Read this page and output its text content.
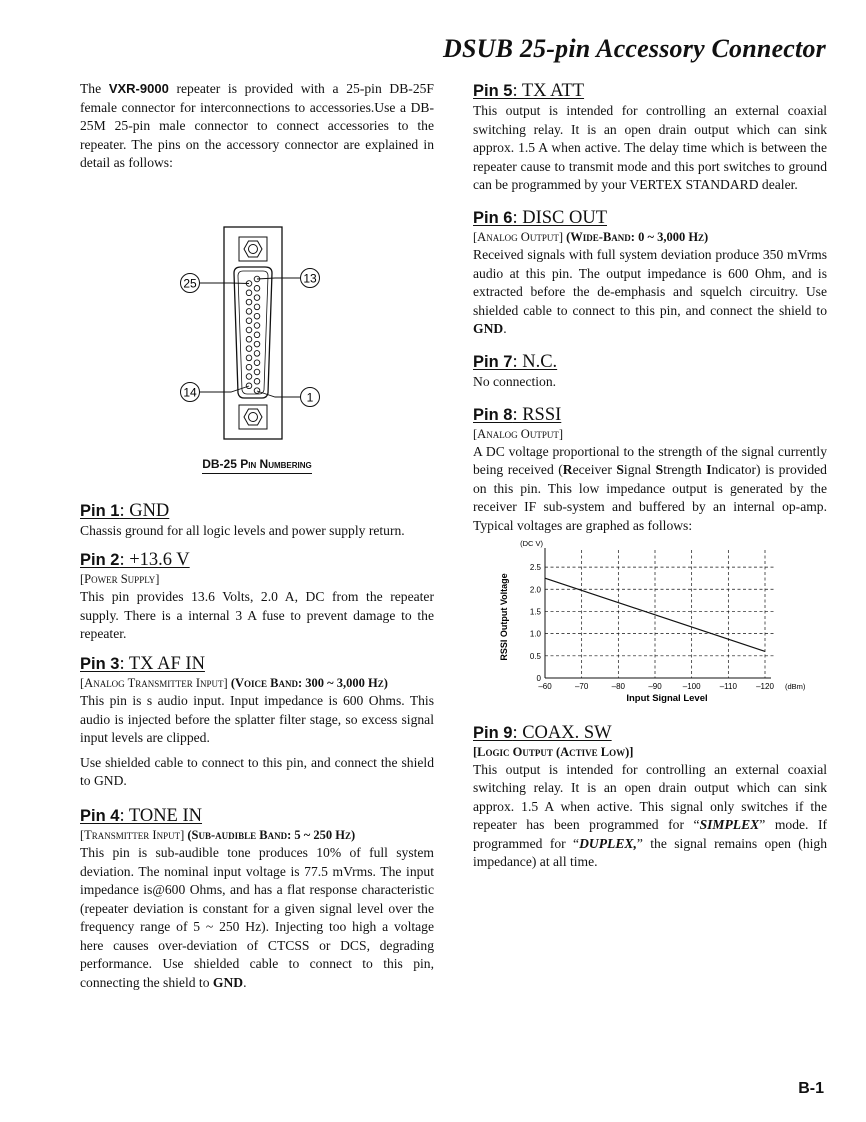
DSUB 25-pin Accessory Connector

The VXR-9000 repeater is provided with a 25-pin DB-25F female connector for interconnections to accessories.Use a DB-25M 25-pin male connector to connect accessories to the repeater. The pins on the accessory connector are explained in detail as follows:

25	13
14	1
DB-25 Pin Numbering
Pin 1: GND

Chassis ground for all logic levels and power supply return.

Pin 2: +13.6 V
[Power Supply]

This pin provides 13.6 Volts, 2.0 A, DC from the repeater supply. There is a internal 3 A fuse to prevent damage to the repeater.

Pin 3: TX AF IN
[Analog Transmitter Input] (Voice Band: 300 ~ 3,000 Hz)

This pin is s audio input. Input impedance is 600 Ohms. This audio is injected before the splatter filter stage, so excess signal input levels are clipped.

Use shielded cable to connect to this pin, and connect the shield to GND.

Pin 4: TONE IN
[Transmitter Input] (Sub-audible Band: 5 ~ 250 Hz)

This pin is sub-audible tone produces 10% of full system deviation. The nominal input voltage is 77.5 mVrms. The input impedance is@600 Ohms, and has a flat response characteristic (repeater deviation is constant for a given signal level over the frequency range of 5 ~ 250 Hz). Injecting too high a voltage here causes over-deviation of CTCSS or DCS, degrading performance. Use shielded cable to connect to this pin, connecting the shield to GND.

Pin 5: TX ATT

This output is intended for controlling an external coaxial switching relay. It is an open drain output which can sink approx. 1.5 A when active. The delay time which is between the repeater cause to transmit mode and this port switches to ground can be programmed by your VERTEX STANDARD dealer.

Pin 6: DISC OUT
[Analog Output] (Wide-Band: 0 ~ 3,000 Hz)

Received signals with full system deviation produce 350 mVrms audio at this pin. The output impedance is 600 Ohm, and is extracted before the de-emphasis and squelch circuitry. Use shielded cable to connect to this pin, and connect the shield to GND.

Pin 7: N.C.

No connection.

Pin 8: RSSI
[Analog Output]

A DC voltage proportional to the strength of the signal currently being received (Receiver Signal Strength Indicator) is provided on this pin. This low impedance output is generated by the receiver IF sub-system and buffered by an internal op-amp. Typical voltages are graphed as follows:

0
0.5
1.0
1.5
2.0
2.5
–60	–70	–80	–90	–100 –110 –120
(DC V)
(dBm)
RSSI Output Voltage
Input Signal Level
Pin 9: COAX. SW
[Logic Output (Active Low)]

This output is intended for controlling an external coaxial switching relay. It is an open drain output which can sink approx. 1.5 A when active. This signal only switches if the repeater has been programmed for “SIMPLEX” mode. If programmed for “DUPLEX,” the signal remains open (high impedance) at all time.

B-1
